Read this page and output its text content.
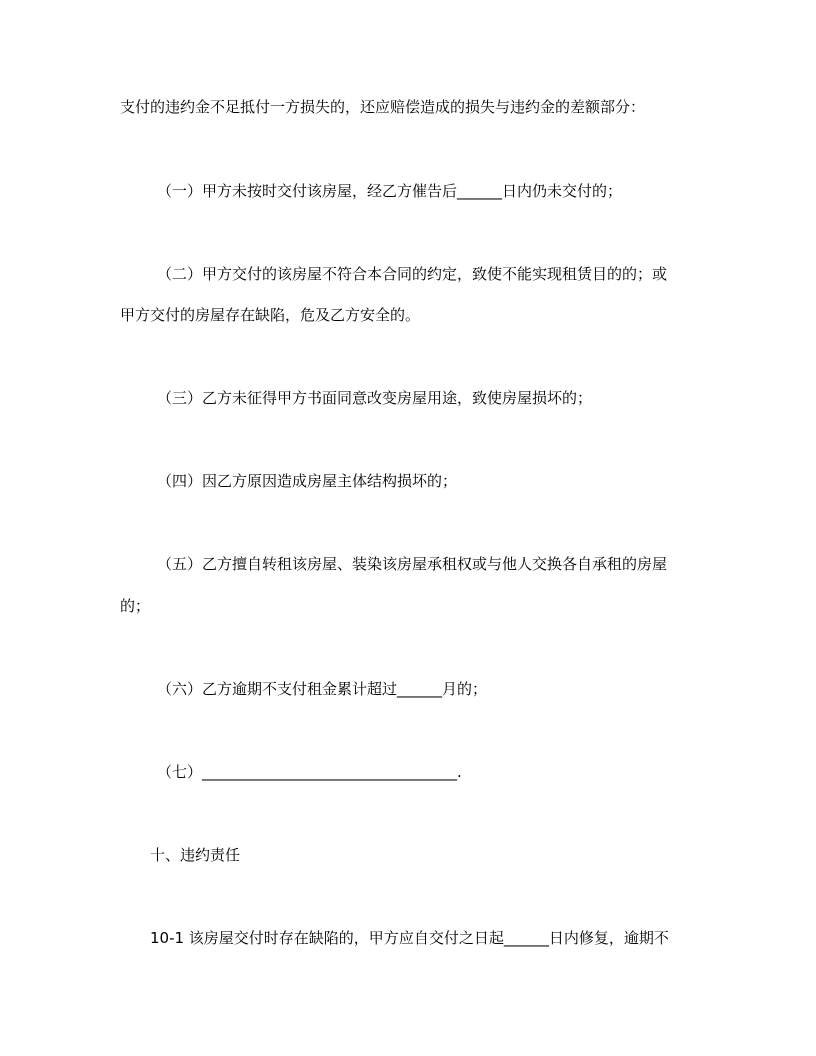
支付的违约金不足抵付一方损失的，还应赔偿造成的损失与违约金的差额部分：
（一）甲方未按时交付该房屋，经乙方催告后______日内仍未交付的；
（二）甲方交付的该房屋不符合本合同的约定，致使不能实现租赁目的的；或
甲方交付的房屋存在缺陷，危及乙方安全的。
（三）乙方未征得甲方书面同意改变房屋用途，致使房屋损坏的；
（四）因乙方原因造成房屋主体结构损坏的；
（五）乙方擅自转租该房屋、装染该房屋承租权或与他人交换各自承租的房屋
的；
（六）乙方逾期不支付租金累计超过______月的；
（七）__________________________________.
十、违约责任
10-1 该房屋交付时存在缺陷的，甲方应自交付之日起______日内修复，逾期不
